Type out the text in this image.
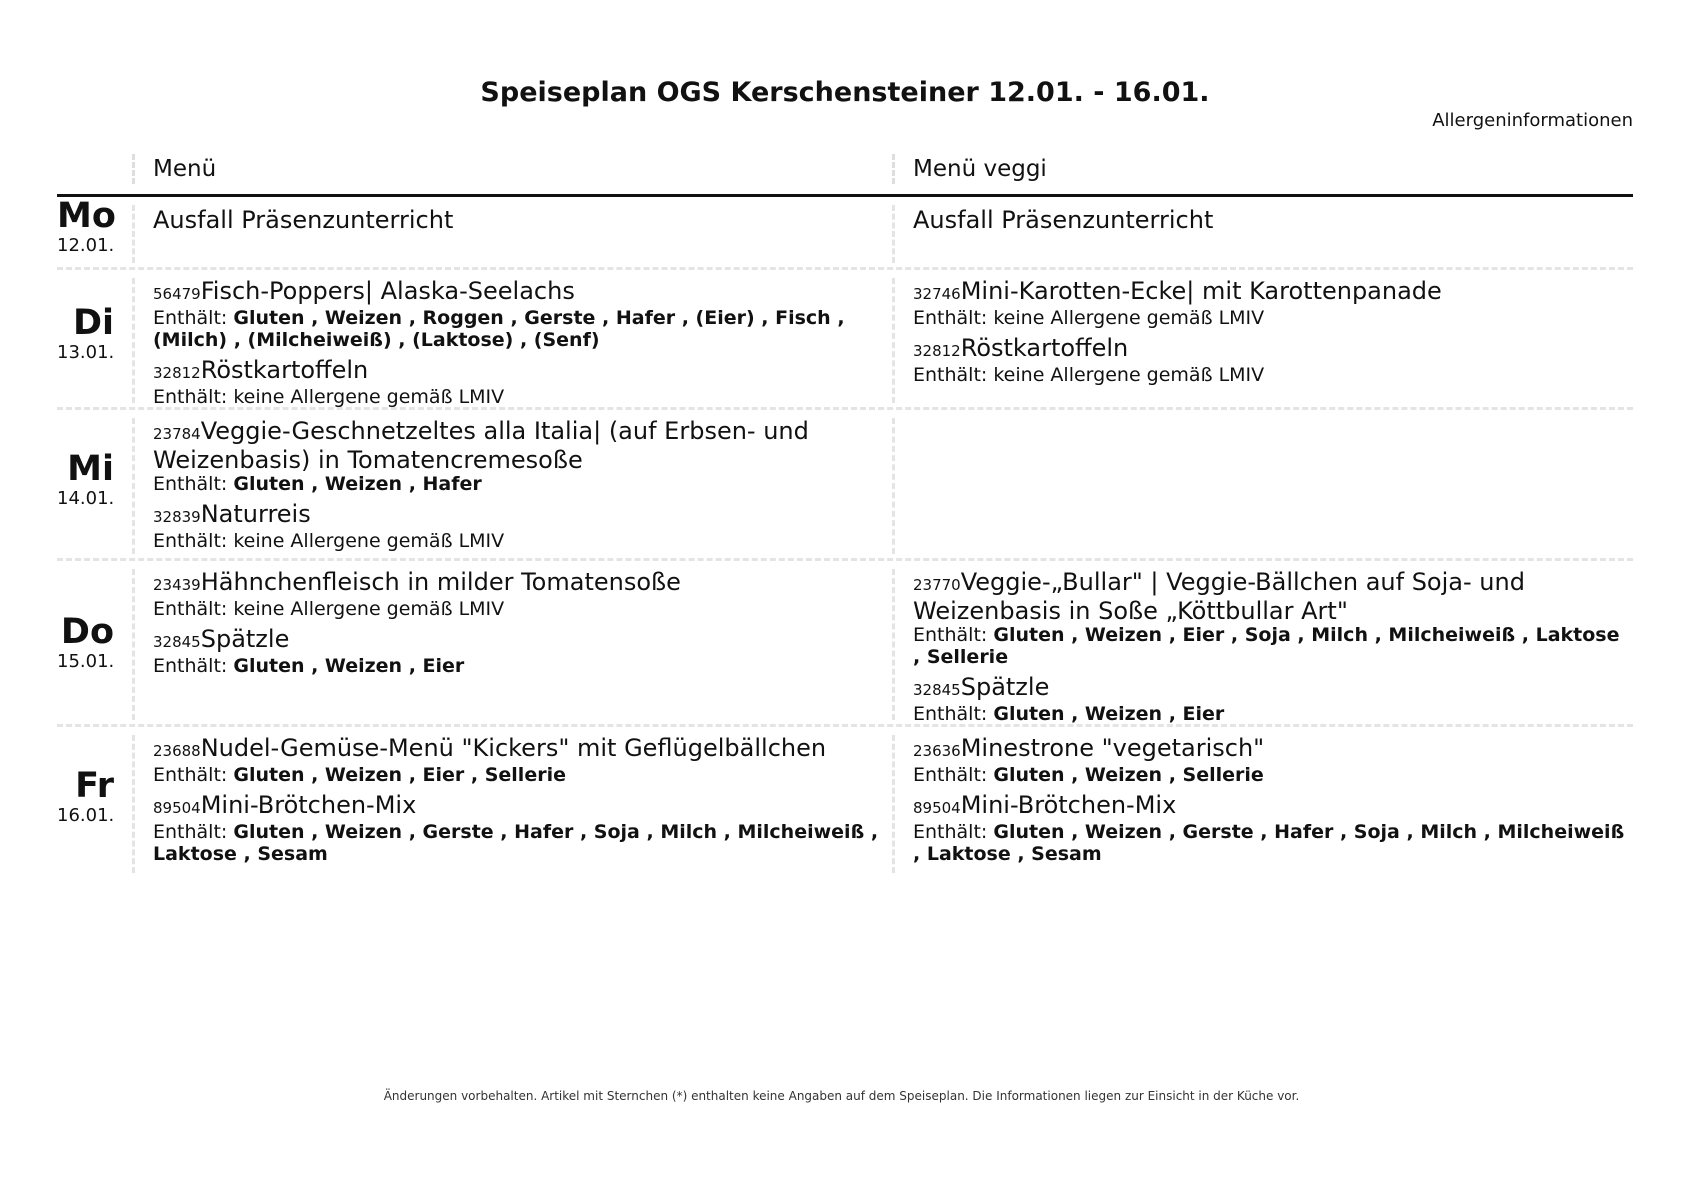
Speiseplan OGS Kerschensteiner 12.01. - 16.01.
Allergeninformationen
Menü	Menü veggi
Mo
12.01.
Ausfall Präsenzunterricht	Ausfall Präsenzunterricht
Di
13.01.
56479Fisch-Poppers| Alaska-Seelachs
Enthält: Gluten , Weizen , Roggen , Gerste , Hafer , (Eier) , Fisch , (Milch) , (Milcheiweiß) , (Laktose) , (Senf)
32812Röstkartoffeln
Enthält: keine Allergene gemäß LMIV
32746Mini-Karotten-Ecke| mit Karottenpanade
Enthält: keine Allergene gemäß LMIV
32812Röstkartoffeln
Enthält: keine Allergene gemäß LMIV
Mi
14.01.
23784Veggie-Geschnetzeltes alla Italia| (auf Erbsen- und Weizenbasis) in Tomatencremesoße
Enthält: Gluten , Weizen , Hafer
32839Naturreis
Enthält: keine Allergene gemäß LMIV
Do
15.01.
23439Hähnchenfleisch in milder Tomatensoße
Enthält: keine Allergene gemäß LMIV
32845Spätzle
Enthält: Gluten , Weizen , Eier
23770Veggie-„Bullar" | Veggie-Bällchen auf Soja- und Weizenbasis in Soße „Köttbullar Art"
Enthält: Gluten , Weizen , Eier , Soja , Milch , Milcheiweiß , Laktose , Sellerie
32845Spätzle
Enthält: Gluten , Weizen , Eier
Fr
16.01.
23688Nudel-Gemüse-Menü "Kickers" mit Geflügelbällchen
Enthält: Gluten , Weizen , Eier , Sellerie
89504Mini-Brötchen-Mix
Enthält: Gluten , Weizen , Gerste , Hafer , Soja , Milch , Milcheiweiß , Laktose , Sesam
23636Minestrone "vegetarisch"
Enthält: Gluten , Weizen , Sellerie
89504Mini-Brötchen-Mix
Enthält: Gluten , Weizen , Gerste , Hafer , Soja , Milch , Milcheiweiß , Laktose , Sesam
Änderungen vorbehalten. Artikel mit Sternchen (*) enthalten keine Angaben auf dem Speiseplan. Die Informationen liegen zur Einsicht in der Küche vor.
